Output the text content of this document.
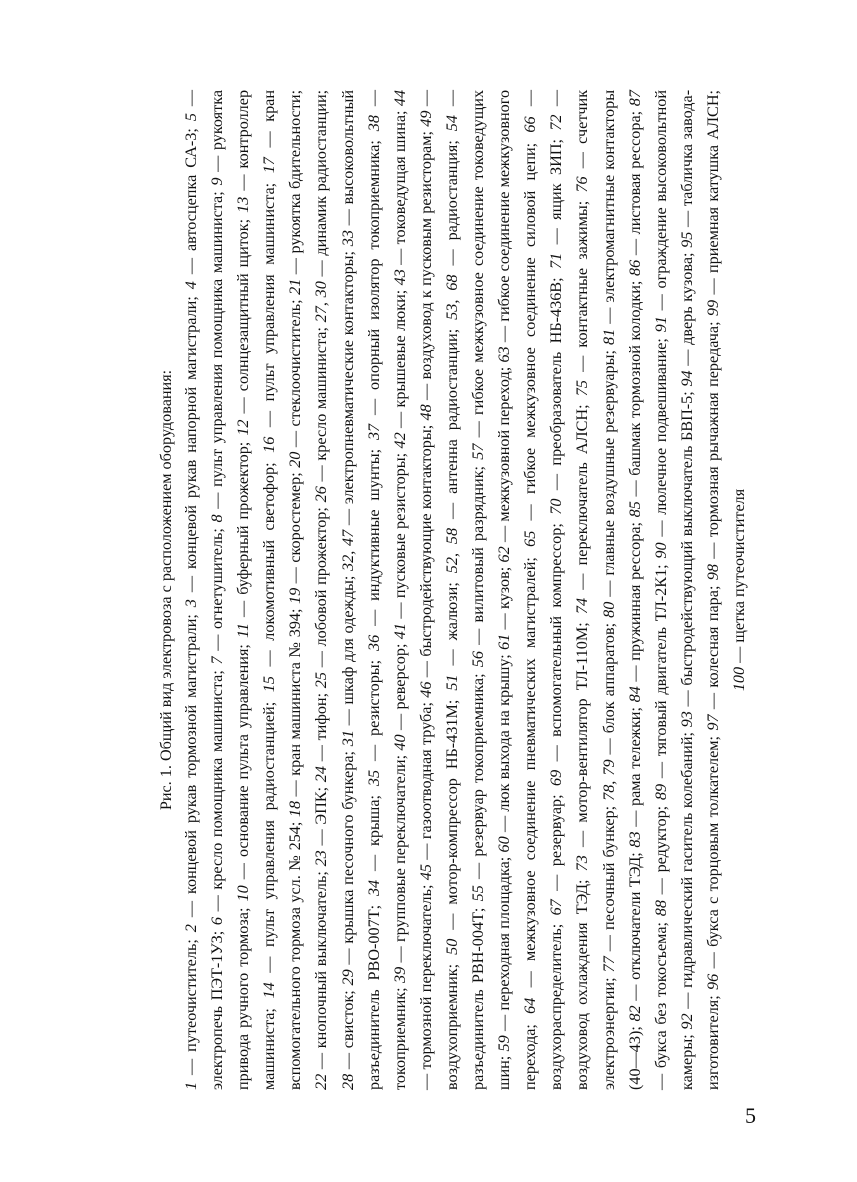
Рис. 1. Общий вид электровоза с расположением оборудования:

1 — путеочиститель; 2 — концевой рукав тормозной магистрали; 3 — концевой рукав напорной магистрали; 4 — автосцепка СА-3; 5 — электропечь ПЭТ-1УЗ; 6 — кресло помощника машиниста; 7 — огнетушитель; 8 — пульт управления помощника машиниста; 9 — рукоятка привода ручного тормоза; 10 — основание пульта управления; 11 — буферный прожектор; 12 — солнцезащитный щиток; 13 — контроллер машиниста; 14 — пульт управления радиостанцией; 15 — локомотивный светофор; 16 — пульт управления машиниста; 17 — кран вспомогательного тормоза усл. № 254; 18 — кран машиниста № 394; 19 — скоростемер; 20 — стеклоочиститель; 21 — рукоятка бдительности; 22 — кнопочный выключатель; 23 — ЭПК; 24 — тифон; 25 — лобовой прожектор; 26 — кресло машиниста; 27, 30 — динамик радиостанции; 28 — свисток; 29 — крышка песочного бункера; 31 — шкаф для одежды; 32, 47 — электропневматические контакторы; 33 — высоковольтный разъединитель РВО-007Т; 34 — крыша; 35 — резисторы; 36 — индуктивные шунты; 37 — опорный изолятор токоприемника; 38 — токоприемник; 39 — групповые переключатели; 40 — реверсор; 41 — пусковые резисторы; 42 — крышевые люки; 43 — токоведущая шина; 44 — тормозной переключатель; 45 — газоотводная труба; 46 — быстродействующие контакторы; 48 — воздуховод к пусковым резисторам; 49 — воздухоприемник; 50 — мотор-компрессор НБ-431М; 51 — жалюзи; 52, 58 — антенна радиостанции; 53, 68 — радиостанция; 54 — разъединитель РВН-004Т; 55 — резервуар токоприемника; 56 — вилитовый разрядник; 57 — гибкое межкузовное соединение токоведущих шин; 59 — переходная площадка; 60 — люк выхода на крышу; 61 — кузов; 62 — межкузовной переход; 63 — гибкое соединение межкузовного перехода; 64 — межкузовное соединение пневматических магистралей; 65 — гибкое межкузовное соединение силовой цепи; 66 — воздухораспределитель; 67 — резервуар; 69 — вспомогательный компрессор; 70 — преобразователь НБ-436В; 71 — ящик ЗИП; 72 — воздуховод охлаждения ТЭД; 73 — мотор-вентилятор ТЛ-110М; 74 — переключатель АЛСН; 75 — контактные зажимы; 76 — счетчик электроэнергии; 77 — песочный бункер; 78, 79 — блок аппаратов; 80 — главные воздушные резервуары; 81 — электромагнитные контакторы (40—43); 82 — отключатели ТЭД; 83 — рама тележки; 84 — пружинная рессора; 85 — башмак тормозной колодки; 86 — листовая рессора; 87 — букса без токосъема; 88 — редуктор; 89 — тяговый двигатель ТЛ-2К1; 90 — люлечное подвешивание; 91 — ограждение высоковольтной камеры; 92 — гидравлический гаситель колебаний; 93 — быстродействующий выключатель БВП-5; 94 — дверь кузова; 95 — табличка завода-изготовителя; 96 — букса с торцовым толкателем; 97 — колесная пара; 98 — тормозная рычажная передача; 99 — приемная катушка АЛСН; 100 — щетка путеочистителя

5
